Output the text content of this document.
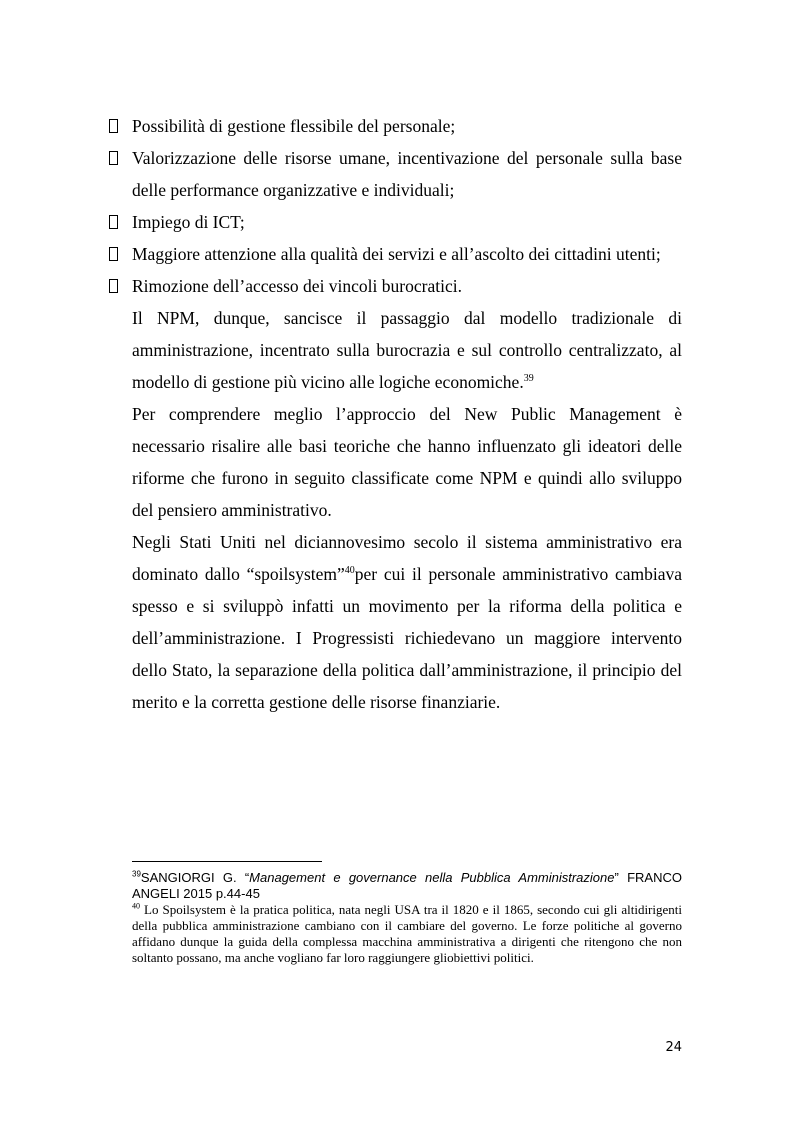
Possibilità di gestione flessibile del personale;
Valorizzazione delle risorse umane, incentivazione del personale sulla base delle performance organizzative e individuali;
Impiego di ICT;
Maggiore attenzione alla qualità dei servizi e all’ascolto dei cittadini utenti;
Rimozione dell’accesso dei vincoli burocratici.
Il NPM, dunque, sancisce il passaggio dal modello tradizionale di amministrazione, incentrato sulla burocrazia e sul controllo centralizzato, al modello di gestione più vicino alle logiche economiche.$^{39}$
Per comprendere meglio l’approccio del New Public Management è necessario risalire alle basi teoriche che hanno influenzato gli ideatori delle riforme che furono in seguito classificate come NPM e quindi allo sviluppo del pensiero amministrativo.
Negli Stati Uniti nel diciannovesimo secolo il sistema amministrativo era dominato dallo “spoilsystem”$^{40}$per cui il personale amministrativo cambiava spesso e si sviluppò infatti un movimento per la riforma della politica e dell’amministrazione. I Progressisti richiedevano un maggiore intervento dello Stato, la separazione della politica dall’amministrazione, il principio del merito e la corretta gestione delle risorse finanziarie.

$^{39}$SANGIORGI G. “Management e governance nella Pubblica Amministrazione” FRANCO ANGELI 2015 p.44-45

$^{40}$ Lo Spoilsystem è la pratica politica, nata negli USA tra il 1820 e il 1865, secondo cui gli altidirigenti della pubblica amministrazione cambiano con il cambiare del governo. Le forze politiche al governo affidano dunque la guida della complessa macchina amministrativa a dirigenti che ritengono che non soltanto possano, ma anche vogliano far loro raggiungere gliobiettivi politici.

24
